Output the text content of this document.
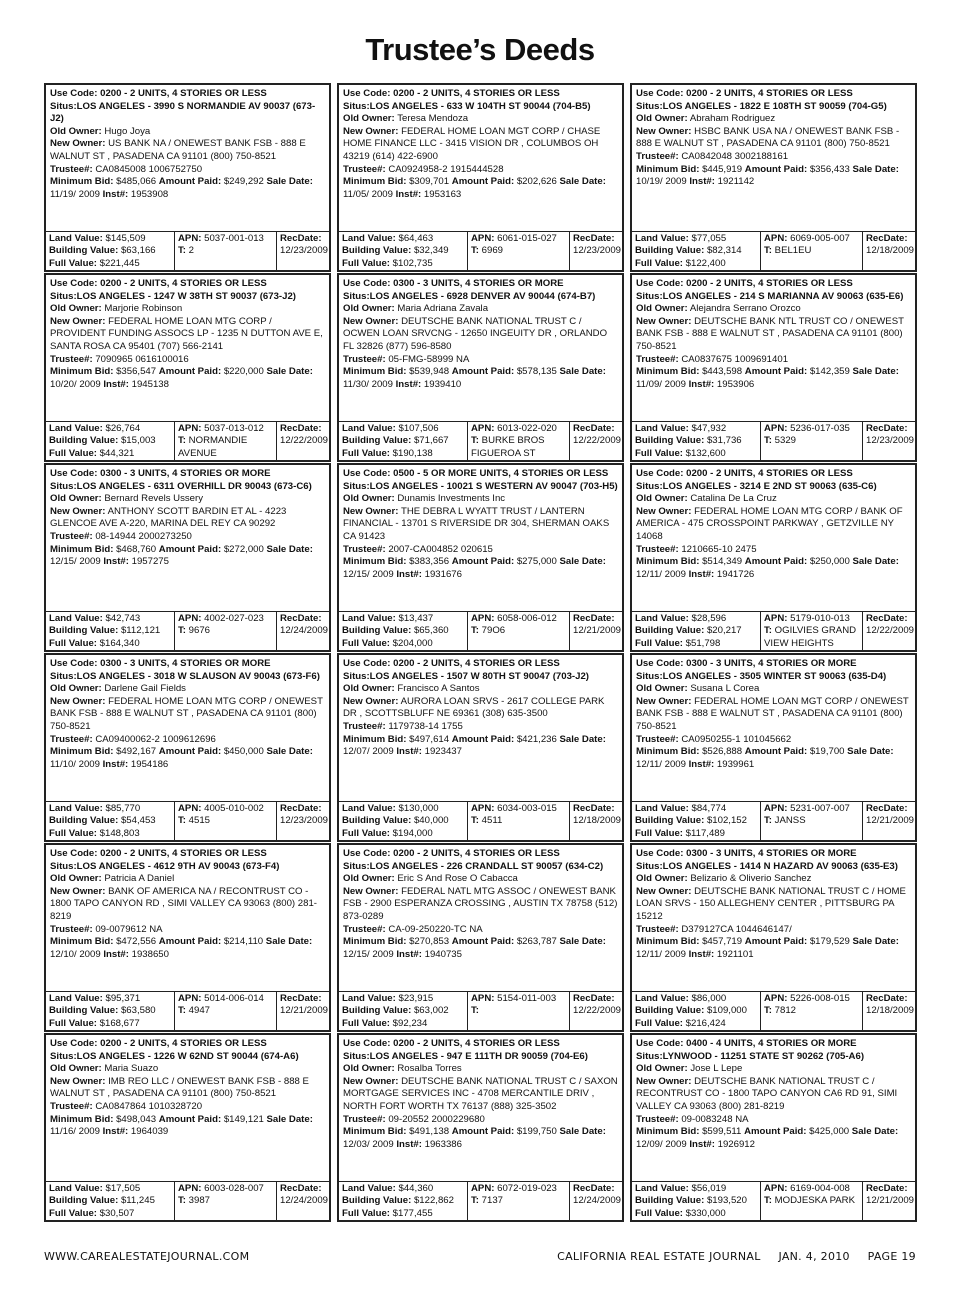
Trustee’s Deeds
Use Code: 0200 - 2 UNITS, 4 STORIES OR LESS
Situs:LOS ANGELES - 3990 S NORMANDIE AV 90037 (673-J2)
Old Owner: Hugo Joya
New Owner: US BANK NA / ONEWEST BANK FSB - 888 E WALNUT ST , PASADENA CA 91101 (800) 750-8521
Trustee#: CA0845008 1006752750
Minimum Bid: $485,066 Amount Paid: $249,292 Sale Date: 11/19/ 2009 Inst#: 1953908
Land Value: $145,509
Building Value: $63,166
Full Value: $221,445
APN: 5037-001-013
T: 2
RecDate:
12/23/2009
Use Code: 0200 - 2 UNITS, 4 STORIES OR LESS
Situs:LOS ANGELES - 1247 W 38TH ST 90037 (673-J2)
Old Owner: Marjorie Robinson
New Owner: FEDERAL HOME LOAN MTG CORP / PROVIDENT FUNDING ASSOCS LP - 1235 N DUTTON AVE E, SANTA ROSA CA 95401 (707) 566-2141
Trustee#: 7090965 0616100016
Minimum Bid: $356,547 Amount Paid: $220,000 Sale Date: 10/20/ 2009 Inst#: 1945138
Land Value: $26,764
Building Value: $15,003
Full Value: $44,321
APN: 5037-013-012
T: NORMANDIE AVENUE
RecDate:
12/22/2009
Use Code: 0300 - 3 UNITS, 4 STORIES OR MORE
Situs:LOS ANGELES - 6311 OVERHILL DR 90043 (673-C6)
Old Owner: Bernard Revels Ussery
New Owner: ANTHONY SCOTT BARDIN ET AL - 4223 GLENCOE AVE A-220, MARINA DEL REY CA 90292
Trustee#: 08-14944 2000273250
Minimum Bid: $468,760 Amount Paid: $272,000 Sale Date: 12/15/ 2009 Inst#: 1957275
Land Value: $42,743
Building Value: $112,121
Full Value: $164,340
APN: 4002-027-023
T: 9676
RecDate:
12/24/2009
Use Code: 0300 - 3 UNITS, 4 STORIES OR MORE
Situs:LOS ANGELES - 3018 W SLAUSON AV 90043 (673-F6)
Old Owner: Darlene Gail Fields
New Owner: FEDERAL HOME LOAN MTG CORP / ONEWEST BANK FSB - 888 E WALNUT ST , PASADENA CA 91101 (800) 750-8521
Trustee#: CA09400062-2 1009612696
Minimum Bid: $492,167 Amount Paid: $450,000 Sale Date: 11/10/ 2009 Inst#: 1954186
Land Value: $85,770
Building Value: $54,453
Full Value: $148,803
APN: 4005-010-002
T: 4515
RecDate:
12/23/2009
Use Code: 0200 - 2 UNITS, 4 STORIES OR LESS
Situs:LOS ANGELES - 4612 9TH AV 90043 (673-F4)
Old Owner: Patricia A Daniel
New Owner: BANK OF AMERICA NA / RECONTRUST CO - 1800 TAPO CANYON RD , SIMI VALLEY CA 93063 (800) 281-8219
Trustee#: 09-0079612 NA
Minimum Bid: $472,556 Amount Paid: $214,110 Sale Date: 12/10/ 2009 Inst#: 1938650
Land Value: $95,371
Building Value: $63,580
Full Value: $168,677
APN: 5014-006-014
T: 4947
RecDate:
12/21/2009
Use Code: 0200 - 2 UNITS, 4 STORIES OR LESS
Situs:LOS ANGELES - 1226 W 62ND ST 90044 (674-A6)
Old Owner: Maria Suazo
New Owner: IMB REO LLC / ONEWEST BANK FSB - 888 E WALNUT ST , PASADENA CA 91101 (800) 750-8521
Trustee#: CA0847864 1010328720
Minimum Bid: $498,043 Amount Paid: $149,121 Sale Date: 11/16/ 2009 Inst#: 1964039
Land Value: $17,505
Building Value: $11,245
Full Value: $30,507
APN: 6003-028-007
T: 3987
RecDate:
12/24/2009
Use Code: 0200 - 2 UNITS, 4 STORIES OR LESS
Situs:LOS ANGELES - 633 W 104TH ST 90044 (704-B5)
Old Owner: Teresa Mendoza
New Owner: FEDERAL HOME LOAN MGT CORP / CHASE HOME FINANCE LLC - 3415 VISION DR , COLUMBOS OH 43219 (614) 422-6900
Trustee#: CA0924958-2 1915444528
Minimum Bid: $309,701 Amount Paid: $202,626 Sale Date: 11/05/ 2009 Inst#: 1953163
Land Value: $64,463
Building Value: $32,349
Full Value: $102,735
APN: 6061-015-027
T: 6969
RecDate:
12/23/2009
Use Code: 0300 - 3 UNITS, 4 STORIES OR MORE
Situs:LOS ANGELES - 6928 DENVER AV 90044 (674-B7)
Old Owner: Maria Adriana Zavala
New Owner: DEUTSCHE BANK NATIONAL TRUST C / OCWEN LOAN SRVCNG - 12650 INGEUITY DR , ORLANDO FL 32826 (877) 596-8580
Trustee#: 05-FMG-58999 NA
Minimum Bid: $539,948 Amount Paid: $578,135 Sale Date: 11/30/ 2009 Inst#: 1939410
Land Value: $107,506
Building Value: $71,667
Full Value: $190,138
APN: 6013-022-020
T: BURKE BROS FIGUEROA ST
RecDate:
12/22/2009
Use Code: 0500 - 5 OR MORE UNITS, 4 STORIES OR LESS
Situs:LOS ANGELES - 10021 S WESTERN AV 90047 (703-H5)
Old Owner: Dunamis Investments Inc
New Owner: THE DEBRA L WYATT TRUST / LANTERN FINANCIAL - 13701 S RIVERSIDE DR 304, SHERMAN OAKS CA 91423
Trustee#: 2007-CA004852 020615
Minimum Bid: $383,356 Amount Paid: $275,000 Sale Date: 12/15/ 2009 Inst#: 1931676
Land Value: $13,437
Building Value: $65,360
Full Value: $204,000
APN: 6058-006-012
T: 79O6
RecDate:
12/21/2009
Use Code: 0200 - 2 UNITS, 4 STORIES OR LESS
Situs:LOS ANGELES - 1507 W 80TH ST 90047 (703-J2)
Old Owner: Francisco A Santos
New Owner: AURORA LOAN SRVS - 2617 COLLEGE PARK DR , SCOTTSBLUFF NE 69361 (308) 635-3500
Trustee#: 1179738-14 1755
Minimum Bid: $497,614 Amount Paid: $421,236 Sale Date: 12/07/ 2009 Inst#: 1923437
Land Value: $130,000
Building Value: $40,000
Full Value: $194,000
APN: 6034-003-015
T: 4511
RecDate:
12/18/2009
Use Code: 0200 - 2 UNITS, 4 STORIES OR LESS
Situs:LOS ANGELES - 226 CRANDALL ST 90057 (634-C2)
Old Owner: Eric S And Rose O Cabacca
New Owner: FEDERAL NATL MTG ASSOC / ONEWEST BANK FSB - 2900 ESPERANZA CROSSING , AUSTIN TX 78758 (512) 873-0289
Trustee#: CA-09-250220-TC NA
Minimum Bid: $270,853 Amount Paid: $263,787 Sale Date: 12/15/ 2009 Inst#: 1940735
Land Value: $23,915
Building Value: $63,002
Full Value: $92,234
APN: 5154-011-003
T:
RecDate:
12/22/2009
Use Code: 0200 - 2 UNITS, 4 STORIES OR LESS
Situs:LOS ANGELES - 947 E 111TH DR 90059 (704-E6)
Old Owner: Rosalba Torres
New Owner: DEUTSCHE BANK NATIONAL TRUST C / SAXON MORTGAGE SERVICES INC - 4708 MERCANTILE DRIV , NORTH FORT WORTH TX 76137 (888) 325-3502
Trustee#: 09-20552 2000229680
Minimum Bid: $491,138 Amount Paid: $199,750 Sale Date: 12/03/ 2009 Inst#: 1963386
Land Value: $44,360
Building Value: $122,862
Full Value: $177,455
APN: 6072-019-023
T: 7137
RecDate:
12/24/2009
Use Code: 0200 - 2 UNITS, 4 STORIES OR LESS
Situs:LOS ANGELES - 1822 E 108TH ST 90059 (704-G5)
Old Owner: Abraham Rodriguez
New Owner: HSBC BANK USA NA / ONEWEST BANK FSB - 888 E WALNUT ST , PASADENA CA 91101 (800) 750-8521
Trustee#: CA0842048 3002188161
Minimum Bid: $445,919 Amount Paid: $356,433 Sale Date: 10/19/ 2009 Inst#: 1921142
Land Value: $77,055
Building Value: $82,314
Full Value: $122,400
APN: 6069-005-007
T: BEL1EU
RecDate:
12/18/2009
Use Code: 0200 - 2 UNITS, 4 STORIES OR LESS
Situs:LOS ANGELES - 214 S MARIANNA AV 90063 (635-E6)
Old Owner: Alejandra Serrano Orozco
New Owner: DEUTSCHE BANK NTL TRUST CO / ONEWEST BANK FSB - 888 E WALNUT ST , PASADENA CA 91101 (800) 750-8521
Trustee#: CA0837675 1009691401
Minimum Bid: $443,598 Amount Paid: $142,359 Sale Date: 11/09/ 2009 Inst#: 1953906
Land Value: $47,932
Building Value: $31,736
Full Value: $132,600
APN: 5236-017-035
T: 5329
RecDate:
12/23/2009
Use Code: 0200 - 2 UNITS, 4 STORIES OR LESS
Situs:LOS ANGELES - 3214 E 2ND ST 90063 (635-C6)
Old Owner: Catalina De La Cruz
New Owner: FEDERAL HOME LOAN MTG CORP / BANK OF AMERICA - 475 CROSSPOINT PARKWAY , GETZVILLE NY 14068
Trustee#: 1210665-10 2475
Minimum Bid: $514,349 Amount Paid: $250,000 Sale Date: 12/11/ 2009 Inst#: 1941726
Land Value: $28,596
Building Value: $20,217
Full Value: $51,798
APN: 5179-010-013
T: OGILVIES GRAND VIEW HEIGHTS
RecDate:
12/22/2009
Use Code: 0300 - 3 UNITS, 4 STORIES OR MORE
Situs:LOS ANGELES - 3505 WINTER ST 90063 (635-D4)
Old Owner: Susana L Corea
New Owner: FEDERAL HOME LOAN MGT CORP / ONEWEST BANK FSB - 888 E WALNUT ST , PASADENA CA 91101 (800) 750-8521
Trustee#: CA0950255-1 101045662
Minimum Bid: $526,888 Amount Paid: $19,700 Sale Date: 12/11/ 2009 Inst#: 1939961
Land Value: $84,774
Building Value: $102,152
Full Value: $117,489
APN: 5231-007-007
T: JANSS
RecDate:
12/21/2009
Use Code: 0300 - 3 UNITS, 4 STORIES OR MORE
Situs:LOS ANGELES - 1414 N HAZARD AV 90063 (635-E3)
Old Owner: Belizario & Oliverio Sanchez
New Owner: DEUTSCHE BANK NATIONAL TRUST C / HOME LOAN SRVS - 150 ALLEGHENY CENTER , PITTSBURG PA 15212
Trustee#: D379127CA 1044646147/
Minimum Bid: $457,719 Amount Paid: $179,529 Sale Date: 12/11/ 2009 Inst#: 1921101
Land Value: $86,000
Building Value: $109,000
Full Value: $216,424
APN: 5226-008-015
T: 7812
RecDate:
12/18/2009
Use Code: 0400 - 4 UNITS, 4 STORIES OR MORE
Situs:LYNWOOD - 11251 STATE ST 90262 (705-A6)
Old Owner: Jose L Lepe
New Owner: DEUTSCHE BANK NATIONAL TRUST C / RECONTRUST CO - 1800 TAPO CANYON CA6 RD 91, SIMI VALLEY CA 93063 (800) 281-8219
Trustee#: 09-0083248 NA
Minimum Bid: $599,511 Amount Paid: $425,000 Sale Date: 12/09/ 2009 Inst#: 1926912
Land Value: $56,019
Building Value: $193,520
Full Value: $330,000
APN: 6169-004-008
T: MODJESKA PARK
RecDate:
12/21/2009
WWW.CAREALESTATEJOURNAL.COM	CALIFORNIA REAL ESTATE JOURNAL JAN. 4, 2010 PAGE 19
